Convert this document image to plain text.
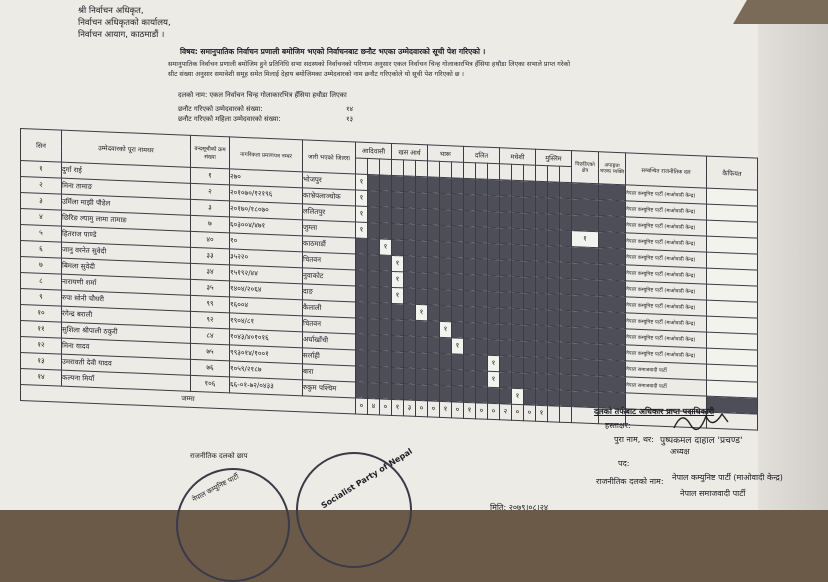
श्री निर्वाचन अधिकृत,
निर्वाचन अधिकृतको कार्यालय,
निर्वाचन आयाग, काठमाडौं ।
विषय: समानुपातिक निर्वाचन प्रणाली बमोजिम भएको निर्वाचनबाट छनौट भएका उम्मेदवारको सूची पेश गरिएको ।
समानुपातिक निर्वाचन प्रणाली बमोजिम हुने प्रतिनिधि सभा सदस्यको निर्वाचनको परिणाम अनुसार एकल निर्वाचन चिन्ह गोलाकारभित्र हँसिया हथौडा लिएका सभाले प्राप्त गरेको
सीट संख्या अनुसार समावेशी समूह समेत मिलाई देहाय बमोजिमका उम्मेदवारको नाम छनौट गरिएकोले यो सूची पेश गरिएको छ ।
दलको नाम: एकल निर्वाचन चिन्ह गोलाकारभित्र हँसिया हथौडा लिएका
छनौट गरिएको उम्मेदवारको संख्या:	१४
छनौट गरिएको महिला उम्मेदवारको संख्या:	१३
सिनं	उम्मेदवारको पूरा नामथर	बन्दसूचीको क्रम संख्या	नागरिकता प्रमाणपत्र नम्बर	जारी भएको जिल्ला	आदिवासी			खस आर्य			थारू			दलित			मधेशी			मुस्लिम			पिछडिएको क्षेत्र	अपाङ्गता भएका व्यक्ति	सम्बन्धित राजनीतिक दल	कैफियत

१	दुर्गा राई	१	२७०	भोजपुर	१																				नेपाल कम्युनिष्ट पार्टी (माओवादी केन्द्र)	
२	मिना तामाङ	२	२०१०७०/१२१९६	काभ्रेपलाञ्चोक	१																				नेपाल कम्युनिष्ट पार्टी (माओवादी केन्द्र)	
३	उर्मिला माझी पौडेल	३	२०१७०/१८०७०	ललितपुर	१																				नेपाल कम्युनिष्ट पार्टी (माओवादी केन्द्र)	
४	छिरिङ ल्यामु लामा तामाङ	७	६०३००४/४७१	जुम्ला	१																		१		नेपाल कम्युनिष्ट पार्टी (माओवादी केन्द्र)	
५	हितराज पाण्डे	४०	१०	काठमाडौं			१																		नेपाल कम्युनिष्ट पार्टी (माओवादी केन्द्र)	
६	जानु वरनेत सुवेदी	३३	३५२२०	चितवन				१																	नेपाल कम्युनिष्ट पार्टी (माओवादी केन्द्र)	
७	बिमला सुवेदी	३४	१५१९२/४४	नुवाकोट				१																	नेपाल कम्युनिष्ट पार्टी (माओवादी केन्द्र)	
८	नारायणी शर्मा	३५	१४०४/२०६४	दाङ				१																	नेपाल कम्युनिष्ट पार्टी (माओवादी केन्द्र)	
९	रुपा सोनी चौधरी	९९	१६००४	कैलाली						१															नेपाल कम्युनिष्ट पार्टी (माओवादी केन्द्र)	
१०	रंगेन्द्र बराली	९२	१९०४/८१	चितवन								१													नेपाल कम्युनिष्ट पार्टी (माओवादी केन्द्र)	
११	सुशिला श्रीपाली ठकुरी	८४	१०४३/४०१०१६	अर्घाखाँची									१												नेपाल कम्युनिष्ट पार्टी (माओवादी केन्द्र)	
१२	मिना यादव	७५	९९३०१४/१००१	सर्लाही												१									नेपाल समाजवादी पार्टी	
१३	उमरावती देवी यादव	७६	१०५९/२१८७	बारा												१									नेपाल समाजवादी पार्टी	
१४	कल्पना मियाँ	१०६	६६-०१-७२/०४३३	रुकुम पश्चिम														१								
जम्मा					०	४	०	१	३	०	०	१	०	१	०	०	२	०	०	१						
राजनीतिक दलको छाप
नेपाल कम्युनिष्ट पार्टी	Socialist Party of Nepal
दलको तर्फबाट अधिकार प्राप्त पदाधिकारी
हस्ताक्षर:
पुरा नाम, थर: पुष्पकमल दाहाल 'प्रचण्ड'
पद:
अध्यक्ष
राजनीतिक दलको नाम: नेपाल कम्युनिष्ट पार्टी (माओवादी केन्द्र)
नेपाल समाजवादी पार्टी
मिति: २०७९।०८।२४
